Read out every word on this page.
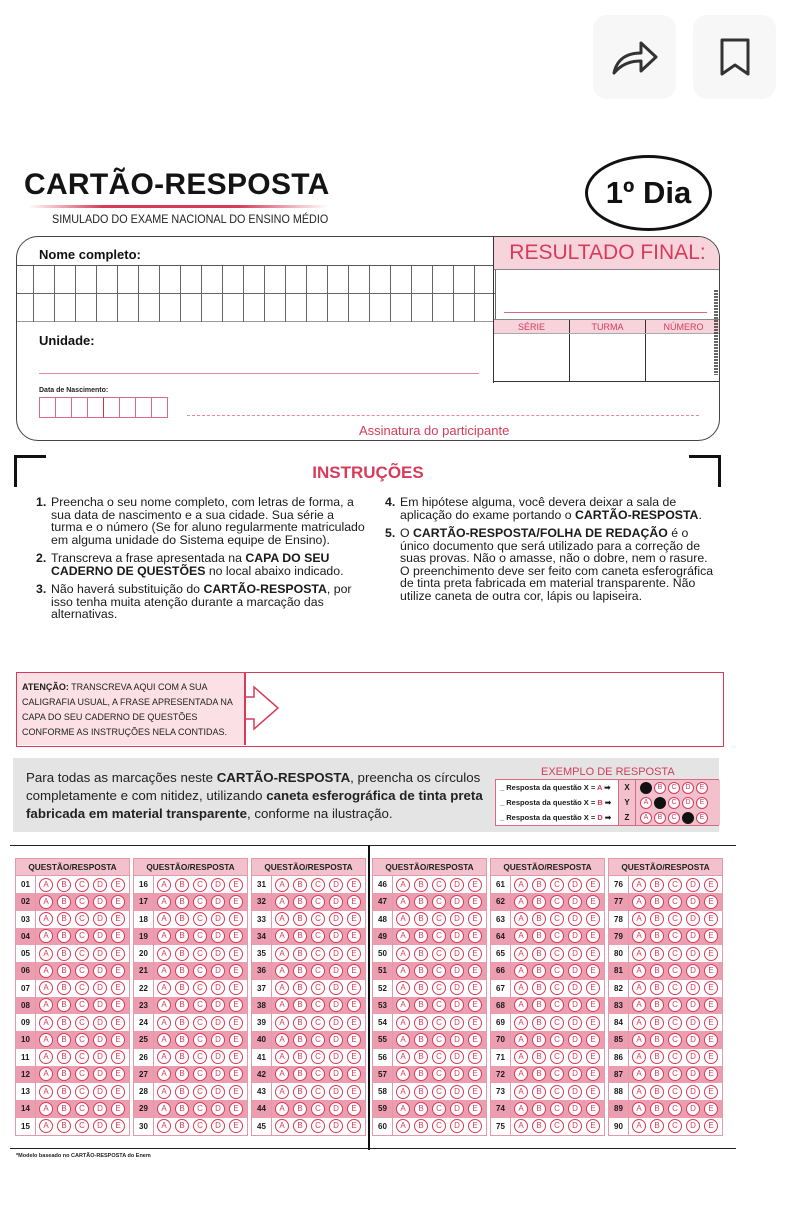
CARTÃO-RESPOSTA
SIMULADO DO EXAME NACIONAL DO ENSINO MÉDIO
1º Dia
Nome completo:
Unidade:
Data de Nascimento:
Assinatura do participante
RESULTADO FINAL:
SÉRIE	TURMA	NÚMERO
INSTRUÇÕES
1. Preencha o seu nome completo, com letras de forma, a sua data de nascimento e a sua cidade. Sua série a turma e o número (Se for aluno regularmente matriculado em alguma unidade do Sistema equipe de Ensino).
2. Transcreva a frase apresentada na CAPA DO SEU CADERNO DE QUESTÕES no local abaixo indicado.
3. Não haverá substituição do CARTÃO-RESPOSTA, por isso tenha muita atenção durante a marcação das alternativas.
4. Em hipótese alguma, você devera deixar a sala de aplicação do exame portando o CARTÃO-RESPOSTA.
5. O CARTÃO-RESPOSTA/FOLHA DE REDAÇÃO é o único documento que será utilizado para a correção de suas provas. Não o amasse, não o dobre, nem o rasure. O preenchimento deve ser feito com caneta esferográfica de tinta preta fabricada em material transparente. Não utilize caneta de outra cor, lápis ou lapiseira.
ATENÇÃO: TRANSCREVA AQUI COM A SUA CALIGRAFIA USUAL, A FRASE APRESENTADA NA CAPA DO SEU CADERNO DE QUESTÕES CONFORME AS INSTRUÇÕES NELA CONTIDAS.
Para todas as marcações neste CARTÃO-RESPOSTA, preencha os círculos completamente e com nitidez, utilizando caneta esferográfica de tinta preta fabricada em material transparente, conforme na ilustração.
EXEMPLO DE RESPOSTA
_ Resposta da questão X = A ➡	X	A	B	C	D	E
_ Resposta da questão X = B ➡	Y	A	B	C	D	E
_ Resposta da questão X = D ➡	Z	A	B	C	D	E
QUESTÃO/RESPOSTA
01	A	B	C	D	E
02	A	B	C	D	E
03	A	B	C	D	E
04	A	B	C	D	E
05	A	B	C	D	E
06	A	B	C	D	E
07	A	B	C	D	E
08	A	B	C	D	E
09	A	B	C	D	E
10	A	B	C	D	E
11	A	B	C	D	E
12	A	B	C	D	E
13	A	B	C	D	E
14	A	B	C	D	E
15	A	B	C	D	E
QUESTÃO/RESPOSTA
16	A	B	C	D	E
17	A	B	C	D	E
18	A	B	C	D	E
19	A	B	C	D	E
20	A	B	C	D	E
21	A	B	C	D	E
22	A	B	C	D	E
23	A	B	C	D	E
24	A	B	C	D	E
25	A	B	C	D	E
26	A	B	C	D	E
27	A	B	C	D	E
28	A	B	C	D	E
29	A	B	C	D	E
30	A	B	C	D	E
QUESTÃO/RESPOSTA
31	A	B	C	D	E
32	A	B	C	D	E
33	A	B	C	D	E
34	A	B	C	D	E
35	A	B	C	D	E
36	A	B	C	D	E
37	A	B	C	D	E
38	A	B	C	D	E
39	A	B	C	D	E
40	A	B	C	D	E
41	A	B	C	D	E
42	A	B	C	D	E
43	A	B	C	D	E
44	A	B	C	D	E
45	A	B	C	D	E
QUESTÃO/RESPOSTA
46	A	B	C	D	E
47	A	B	C	D	E
48	A	B	C	D	E
49	A	B	C	D	E
50	A	B	C	D	E
51	A	B	C	D	E
52	A	B	C	D	E
53	A	B	C	D	E
54	A	B	C	D	E
55	A	B	C	D	E
56	A	B	C	D	E
57	A	B	C	D	E
58	A	B	C	D	E
59	A	B	C	D	E
60	A	B	C	D	E
QUESTÃO/RESPOSTA
61	A	B	C	D	E
62	A	B	C	D	E
63	A	B	C	D	E
64	A	B	C	D	E
65	A	B	C	D	E
66	A	B	C	D	E
67	A	B	C	D	E
68	A	B	C	D	E
69	A	B	C	D	E
70	A	B	C	D	E
71	A	B	C	D	E
72	A	B	C	D	E
73	A	B	C	D	E
74	A	B	C	D	E
75	A	B	C	D	E
QUESTÃO/RESPOSTA
76	A	B	C	D	E
77	A	B	C	D	E
78	A	B	C	D	E
79	A	B	C	D	E
80	A	B	C	D	E
81	A	B	C	D	E
82	A	B	C	D	E
83	A	B	C	D	E
84	A	B	C	D	E
85	A	B	C	D	E
86	A	B	C	D	E
87	A	B	C	D	E
88	A	B	C	D	E
89	A	B	C	D	E
90	A	B	C	D	E
*Modelo baseado no CARTÃO-RESPOSTA do Enem
